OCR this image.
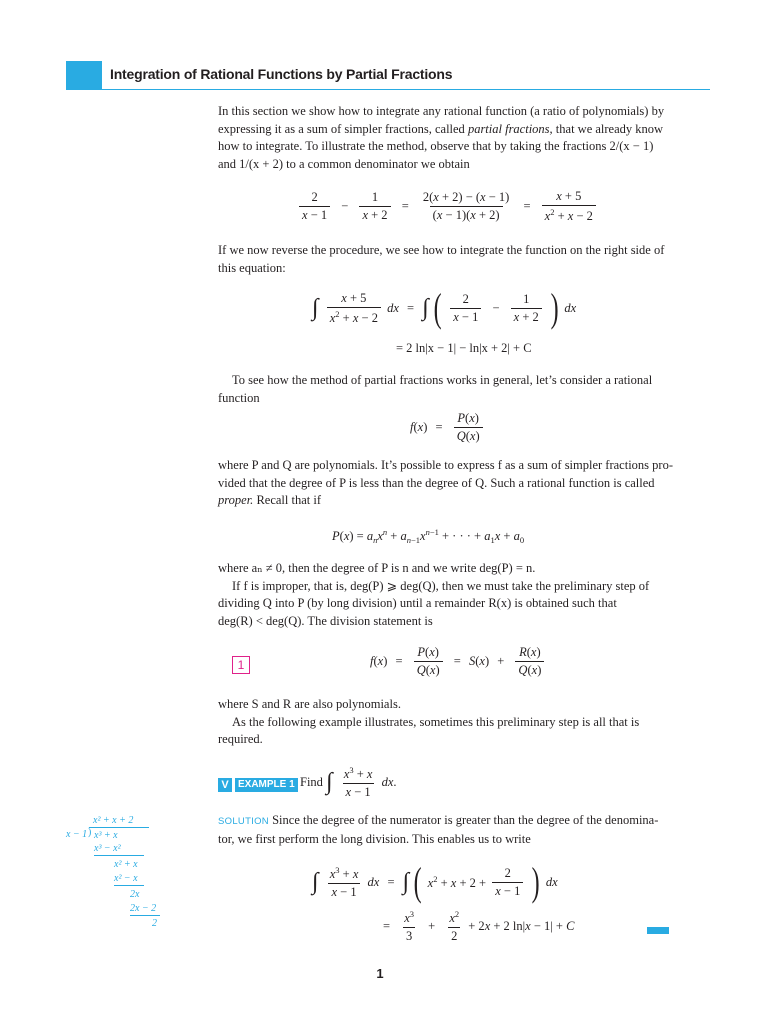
Integration of Rational Functions by Partial Fractions
In this section we show how to integrate any rational function (a ratio of polynomials) by
expressing it as a sum of simpler fractions, called partial fractions, that we already know
how to integrate. To illustrate the method, observe that by taking the fractions 2/(x − 1)
and 1/(x + 2) to a common denominator we obtain
$\frac{2}{x - 1} - \frac{1}{x + 2} = \frac{2(x + 2) - (x - 1)}{(x - 1)(x + 2)} = \frac{x + 5}{x^2 + x - 2}$
If we now reverse the procedure, we see how to integrate the function on the right side of
this equation:
∫ $\frac{x + 5}{x^2 + x - 2}$ dx = ∫ ( $\frac{2}{x - 1} - \frac{1}{x + 2}$ ) dx
= 2 ln|x − 1| − ln|x + 2| + C
To see how the method of partial fractions works in general, let’s consider a rational
function
$f(x) = \frac{P(x)}{Q(x)}$
where P and Q are polynomials. It’s possible to express f as a sum of simpler fractions pro-
vided that the degree of P is less than the degree of Q. Such a rational function is called
proper. Recall that if
$P(x) = a_nx^n + a_{n-1}x^{n-1}$ + · · · + $a_1x + a_0$
where aₙ ≠ 0, then the degree of P is n and we write deg(P) = n.
If f is improper, that is, deg(P) ⩾ deg(Q), then we must take the preliminary step of
dividing Q into P (by long division) until a remainder R(x) is obtained such that
deg(R) < deg(Q). The division statement is
1	$f(x) = \frac{P(x)}{Q(x)} = S(x) + \frac{R(x)}{Q(x)}$
where S and R are also polynomials.
As the following example illustrates, sometimes this preliminary step is all that is
required.
V EXAMPLE 1 Find ∫ $\frac{x^3 + x}{x - 1}$ dx.
SOLUTION Since the degree of the numerator is greater than the degree of the denomina-
tor, we first perform the long division. This enables us to write
∫ $\frac{x^3 + x}{x - 1}$ dx = ∫ ( $x^2 + x + 2 + \frac{2}{x - 1}$ ) dx
= $\frac{x^3}{3} + \frac{x^2}{2} + 2x + 2$ ln|x − 1| + C
x² + x + 2
x − 1 ) x³ + x
x³ − x²
x² + x
x² − x
2x
2x − 2
2
1
